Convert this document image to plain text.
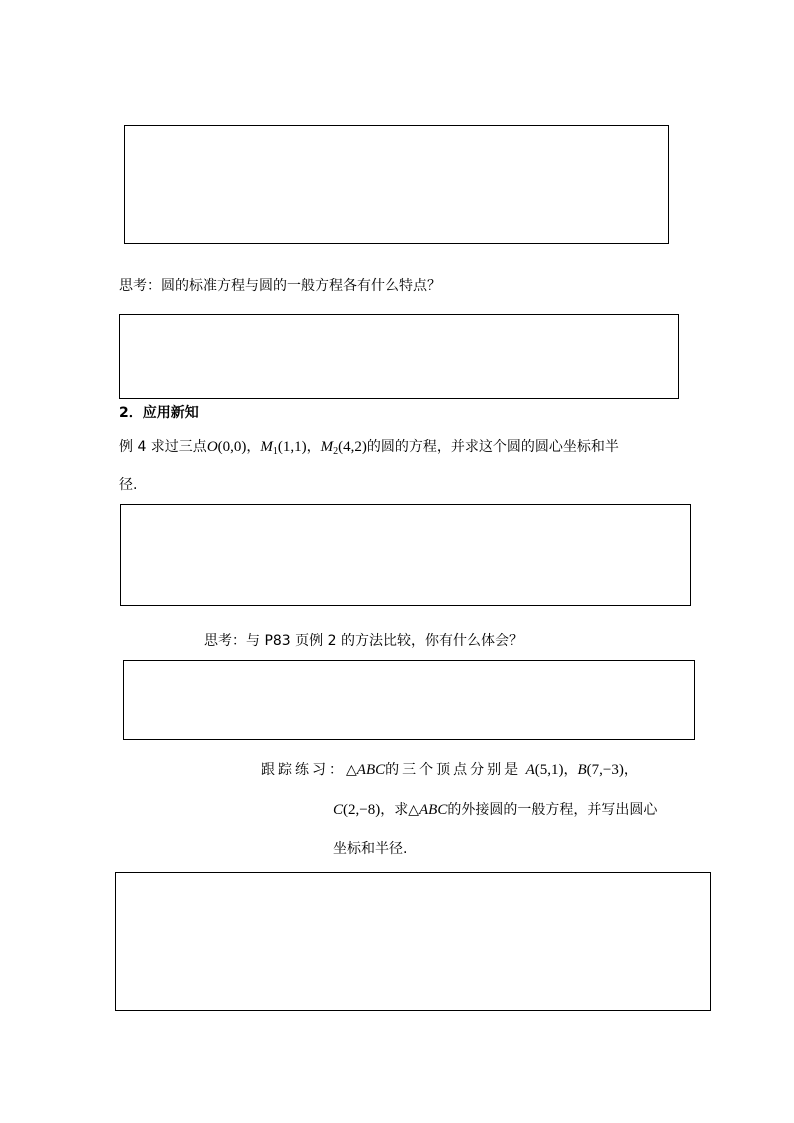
思考：圆的标准方程与圆的一般方程各有什么特点？
2．应用新知
例 4 求过三点O(0,0)，$M_1(1,1)$，$M_2(4,2)$的圆的方程，并求这个圆的圆心坐标和半
径.
思考：与 P83 页例 2 的方法比较，你有什么体会？
跟踪练习：△ABC的三个顶点分别是 A(5,1)，B(7,−3)，
C(2,−8)，求△ABC的外接圆的一般方程，并写出圆心
坐标和半径.
